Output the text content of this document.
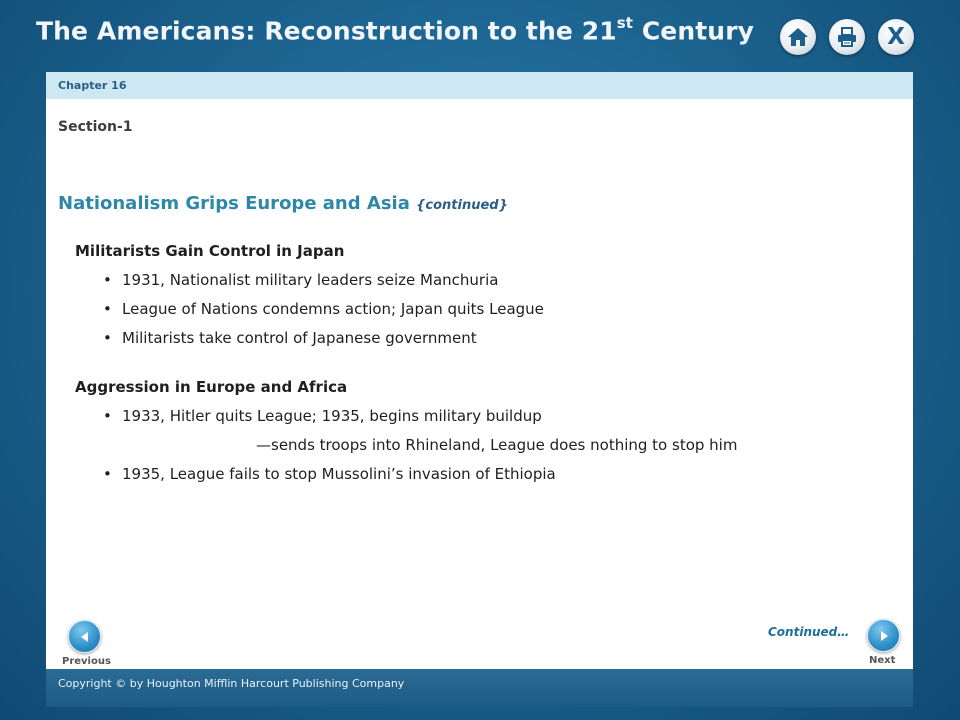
The Americans: Reconstruction to the 21st Century	X
Chapter 16
Section-1
Nationalism Grips Europe and Asia {continued}
Militarists Gain Control in Japan
• 1931, Nationalist military leaders seize Manchuria
• League of Nations condemns action; Japan quits League
• Militarists take control of Japanese government
Aggression in Europe and Africa
• 1933, Hitler quits League; 1935, begins military buildup
—sends troops into Rhineland, League does nothing to stop him
• 1935, League fails to stop Mussolini’s invasion of Ethiopia
Continued…
Previous	Next
Copyright © by Houghton Mifflin Harcourt Publishing Company
